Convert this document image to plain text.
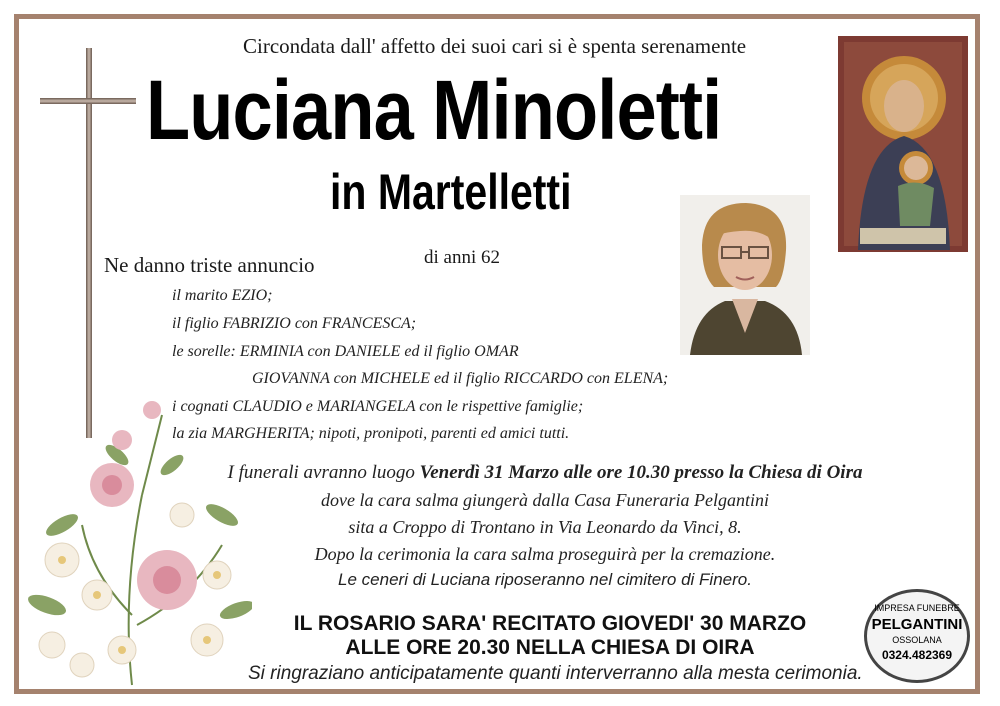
Circondata dall' affetto dei suoi cari si è spenta serenamente
Luciana Minoletti
in Martelletti
di anni 62
Ne danno triste annuncio
il marito EZIO;
il figlio FABRIZIO con FRANCESCA;
le sorelle: ERMINIA con DANIELE ed il figlio OMAR
GIOVANNA con MICHELE ed il figlio RICCARDO con ELENA;
i cognati CLAUDIO e MARIANGELA con le rispettive famiglie;
la zia MARGHERITA; nipoti, pronipoti, parenti ed amici tutti.
I funerali avranno luogo Venerdì 31 Marzo alle ore 10.30 presso la Chiesa di Oira
dove la cara salma giungerà dalla Casa Funeraria Pelgantini
sita a Croppo di Trontano in Via Leonardo da Vinci, 8.
Dopo la cerimonia la cara salma proseguirà per la cremazione.
Le ceneri di Luciana riposeranno nel cimitero di Finero.
IL ROSARIO SARA' RECITATO GIOVEDI' 30 MARZO
ALLE ORE 20.30 NELLA CHIESA DI OIRA
Si ringraziano anticipatamente quanti interverranno alla mesta cerimonia.
IMPRESA FUNEBRE
PELGANTINI
OSSOLANA
0324.482369
